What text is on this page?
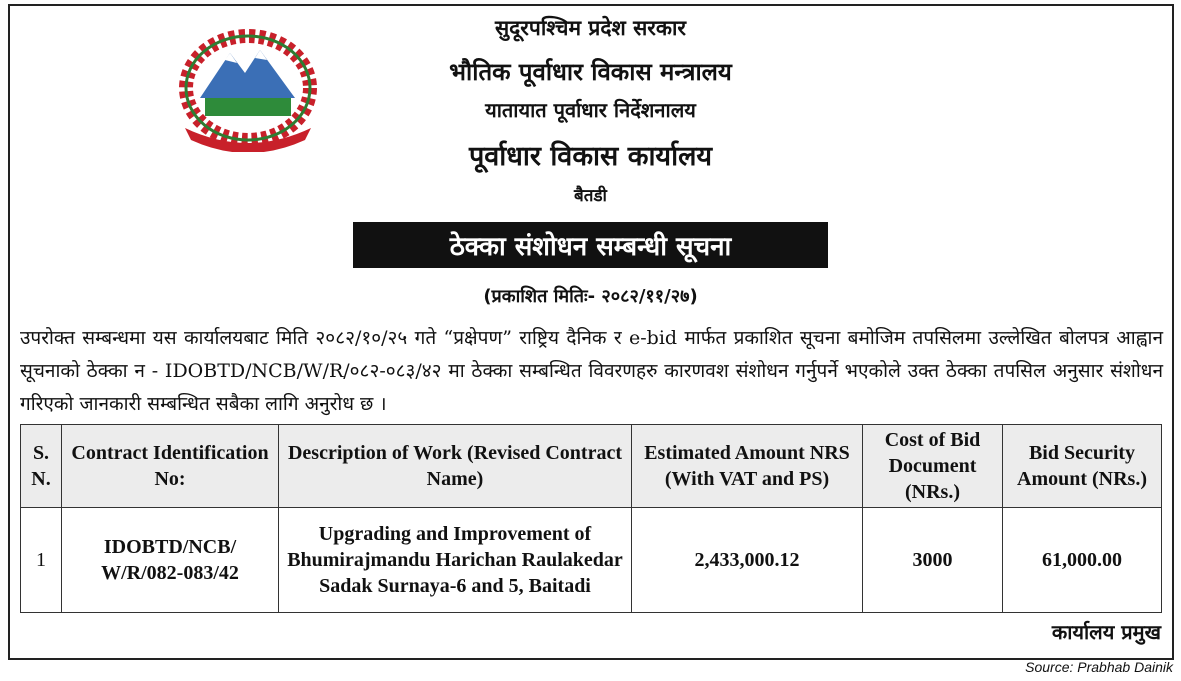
सुदूरपश्चिम प्रदेश सरकार
भौतिक पूर्वाधार विकास मन्त्रालय
यातायात पूर्वाधार निर्देशनालय
पूर्वाधार विकास कार्यालय
बैतडी
ठेक्का संशोधन सम्बन्धी सूचना
(प्रकाशित मितिः- २०८२/११/२७)
उपरोक्त सम्बन्धमा यस कार्यालयबाट मिति २०८२/१०/२५ गते “प्रक्षेपण” राष्ट्रिय दैनिक र e-bid मार्फत प्रकाशित सूचना बमोजिम तपसिलमा उल्लेखित बोलपत्र आह्वान सूचनाको ठेक्का न - IDOBTD/NCB/W/R/०८२-०८३/४२ मा ठेक्का सम्बन्धित विवरणहरु कारणवश संशोधन गर्नुपर्ने भएकोले उक्त ठेक्का तपसिल अनुसार संशोधन गरिएको जानकारी सम्बन्धित सबैका लागि अनुरोध छ ।
S. N.	Contract Identification No:	Description of Work (Revised Contract Name)	Estimated Amount NRS (With VAT and PS)	Cost of Bid Document (NRs.)	Bid Security Amount (NRs.)
1	IDOBTD/NCB/ W/R/082-083/42	Upgrading and Improvement of Bhumirajmandu Harichan Raulakedar Sadak Surnaya-6 and 5, Baitadi	2,433,000.12	3000	61,000.00
कार्यालय प्रमुख
Source: Prabhab Dainik
